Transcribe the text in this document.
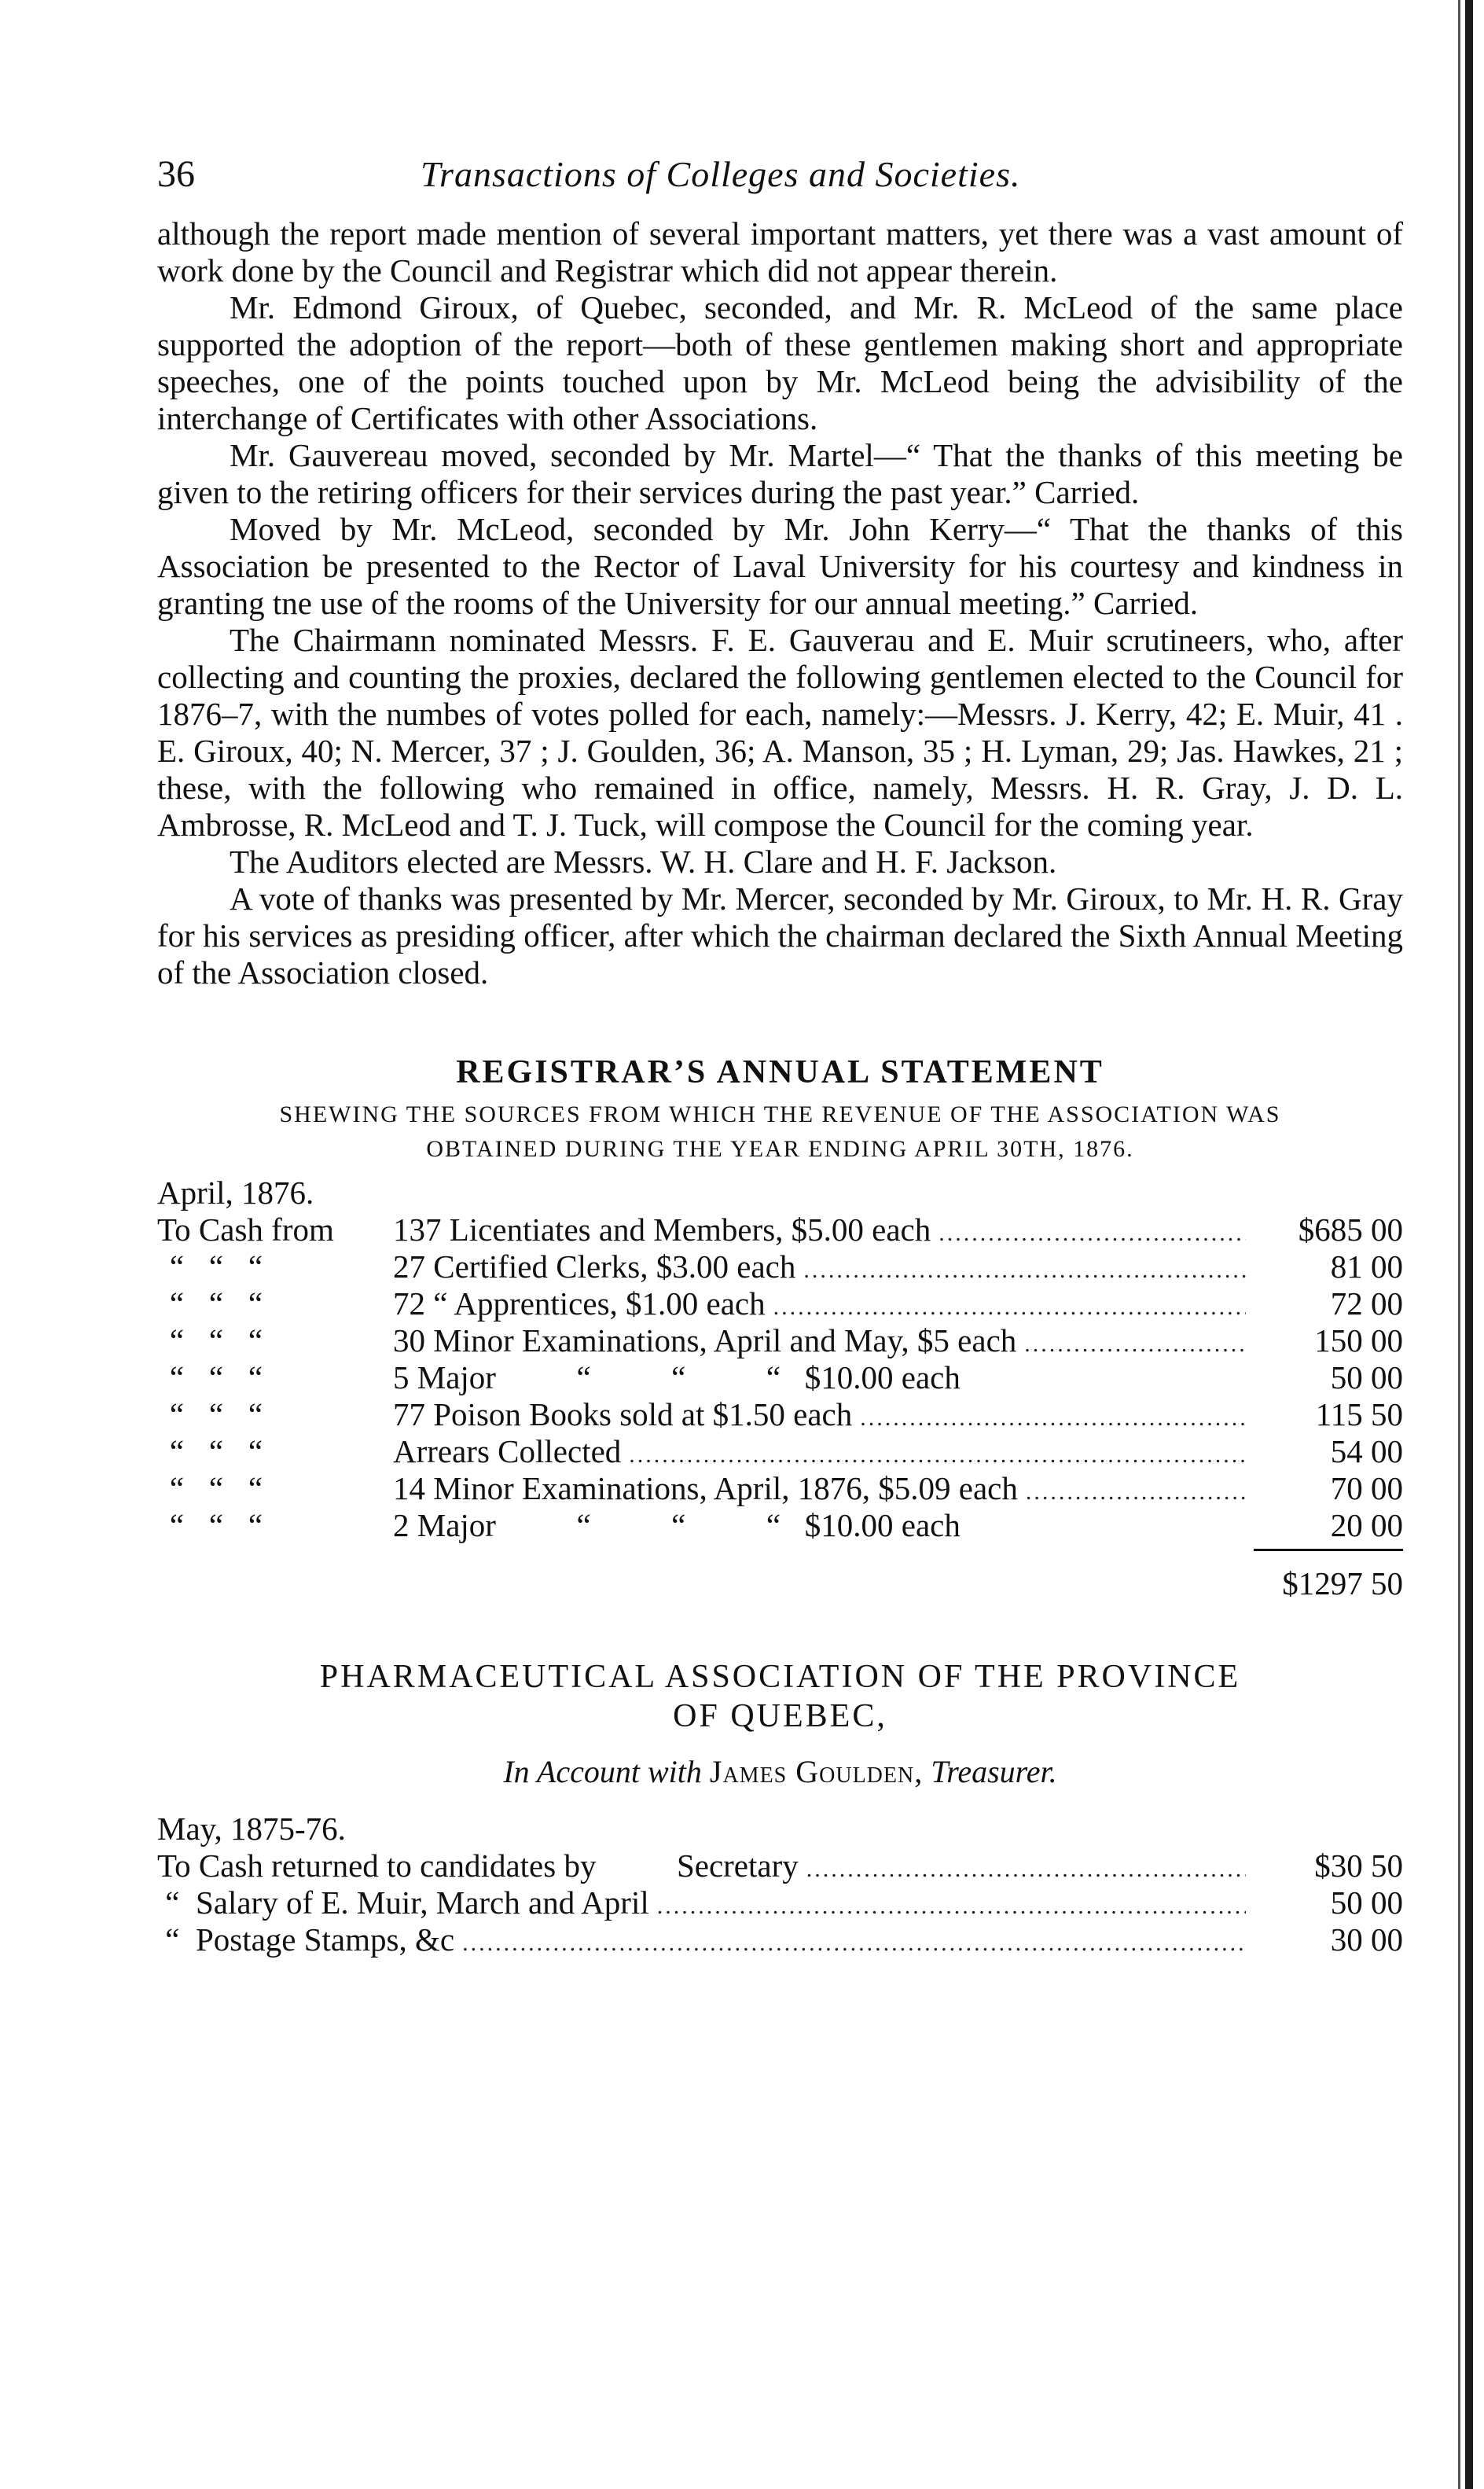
36	Transactions of Colleges and Societies.

although the report made mention of several important matters, yet there was a vast amount of work done by the Council and Registrar which did not appear therein.

Mr. Edmond Giroux, of Quebec, seconded, and Mr. R. McLeod of the same place supported the adoption of the report—both of these gentlemen making short and appropriate speeches, one of the points touched upon by Mr. McLeod being the advisibility of the interchange of Certificates with other Associations.

Mr. Gauvereau moved, seconded by Mr. Martel—“ That the thanks of this meeting be given to the retiring officers for their services during the past year.” Carried.

Moved by Mr. McLeod, seconded by Mr. John Kerry—“ That the thanks of this Association be presented to the Rector of Laval University for his courtesy and kindness in granting tne use of the rooms of the University for our annual meeting.” Carried.

The Chairmann nominated Messrs. F. E. Gauverau and E. Muir scrutineers, who, after collecting and counting the proxies, declared the following gentlemen elected to the Council for 1876–7, with the numbes of votes polled for each, namely:—Messrs. J. Kerry, 42; E. Muir, 41 . E. Giroux, 40; N. Mercer, 37 ; J. Goulden, 36; A. Manson, 35 ; H. Lyman, 29; Jas. Hawkes, 21 ; these, with the following who remained in office, namely, Messrs. H. R. Gray, J. D. L. Ambrosse, R. McLeod and T. J. Tuck, will compose the Council for the coming year.

The Auditors elected are Messrs. W. H. Clare and H. F. Jackson.

A vote of thanks was presented by Mr. Mercer, seconded by Mr. Giroux, to Mr. H. R. Gray for his services as presiding officer, after which the chairman declared the Sixth Annual Meeting of the Association closed.

REGISTRAR’S ANNUAL STATEMENT

SHEWING THE SOURCES FROM WHICH THE REVENUE OF THE ASSOCIATION WAS

OBTAINED DURING THE YEAR ENDING APRIL 30TH, 1876.

April, 1876.

To Cash from	137 Licentiates and Members, $5.00 each .....	$685 00
“ “ “	27 Certified Clerks, $3.00 each .....	81 00
“ “ “	72 “ Apprentices, $1.00 each .....	72 00
“ “ “	30 Minor Examinations, April and May, $5 each .....	150 00
“ “ “	5 Major          “          “          “   $10.00 each	50 00
“ “ “	77 Poison Books sold at $1.50 each .....	115 50
“ “ “	Arrears Collected .....	54 00
“ “ “	14 Minor Examinations, April, 1876, $5.09 each .....	70 00
“ “ “	2 Major          “          “          “   $10.00 each	20 00
$1297 50

PHARMACEUTICAL ASSOCIATION OF THE PROVINCE

OF QUEBEC,

In Account with James Goulden, Treasurer.

May, 1875-76.

To Cash returned to candidates by          Secretary .....	$30 50
“  Salary of E. Muir, March and April .....	50 00
“  Postage Stamps, &c .....	30 00
